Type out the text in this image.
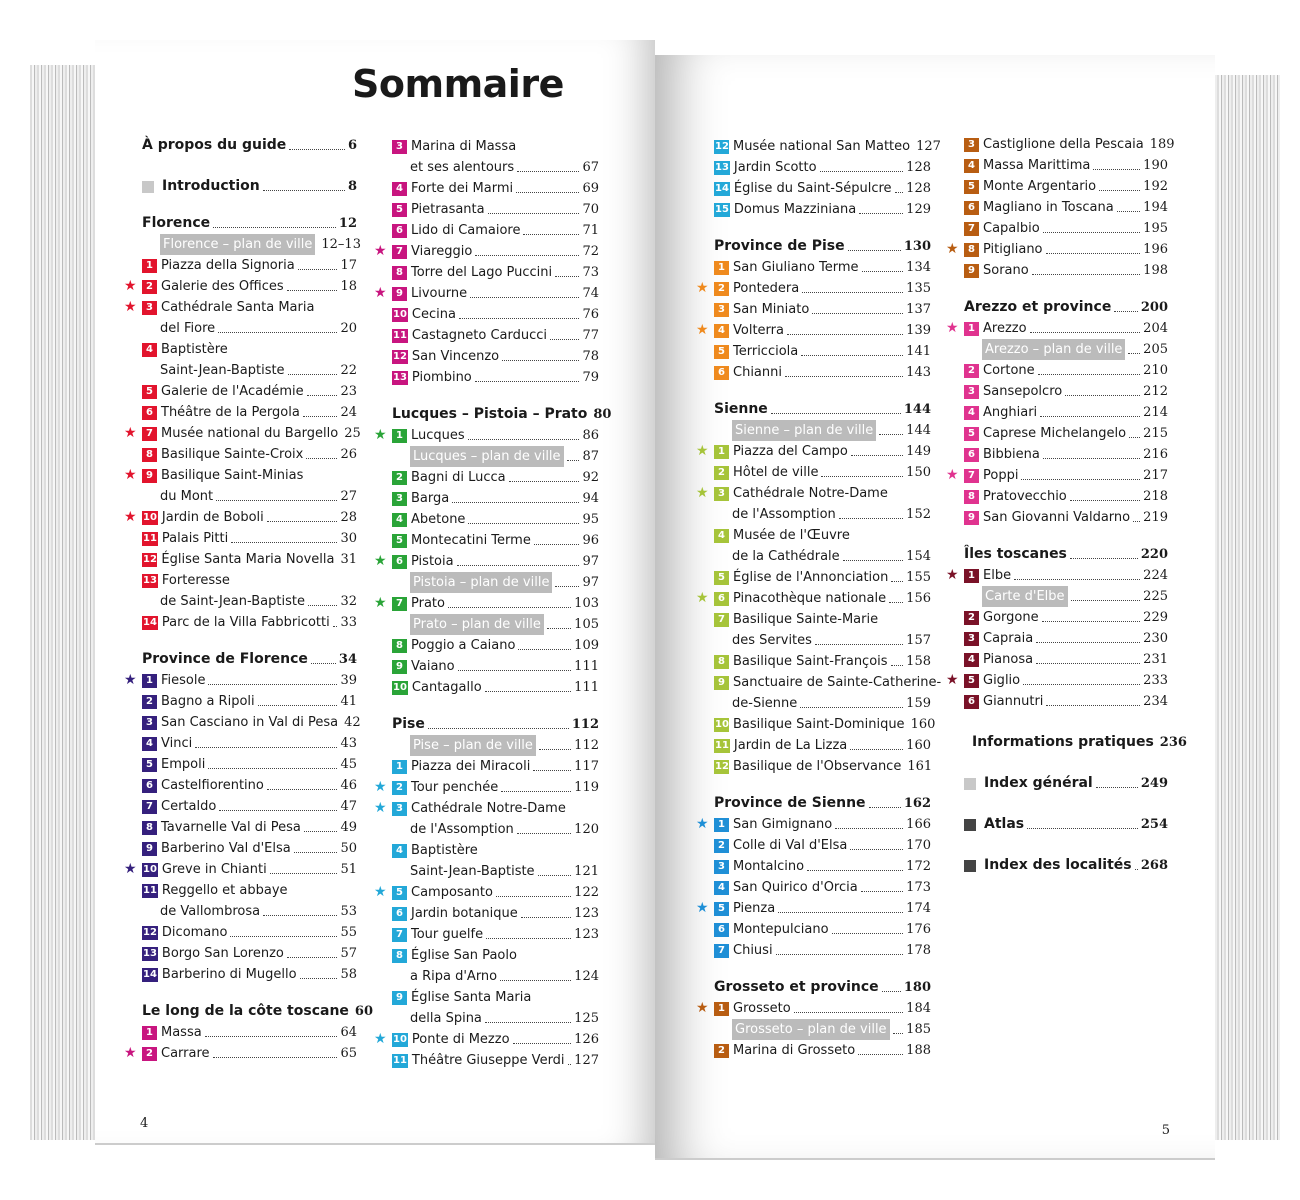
Sommaire
4	5
À propos du guide	6
Introduction	8
Florence	12
Florence – plan de ville 12–13
1 Piazza della Signoria	17
★ 2 Galerie des Offices	18
★ 3 Cathédrale Santa Maria
del Fiore	20
4 Baptistère
Saint-Jean-Baptiste	22
5 Galerie de l'Académie	23
6 Théâtre de la Pergola	24
★ 7 Musée national du Bargello 25
8 Basilique Sainte-Croix	26
★ 9 Basilique Saint-Minias
du Mont	27
★ 10 Jardin de Boboli	28
11 Palais Pitti	30
12 Église Santa Maria Novella 31
13 Forteresse
de Saint-Jean-Baptiste	32
14 Parc de la Villa Fabbricotti 33
Province de Florence 34
★ 1 Fiesole	39
2 Bagno a Ripoli	41
3 San Casciano in Val di Pesa 42
4 Vinci	43
5 Empoli	45
6 Castelfiorentino	46
7 Certaldo	47
8 Tavarnelle Val di Pesa	49
9 Barberino Val d'Elsa	50
★ 10 Greve in Chianti	51
11 Reggello et abbaye
de Vallombrosa	53
12 Dicomano	55
13 Borgo San Lorenzo	57
14 Barberino di Mugello	58
Le long de la côte toscane 60
1 Massa	64
★ 2 Carrare	65
3 Marina di Massa
et ses alentours	67
4 Forte dei Marmi	69
5 Pietrasanta	70
6 Lido di Camaiore	71
★ 7 Viareggio	72
8 Torre del Lago Puccini 73
★ 9 Livourne	74
10 Cecina	76
11 Castagneto Carducci	77
12 San Vincenzo	78
13 Piombino	79
Lucques – Pistoia – Prato 80
★ 1 Lucques	86
Lucques – plan de ville 87
2 Bagni di Lucca	92
3 Barga	94
4 Abetone	95
5 Montecatini Terme	96
★ 6 Pistoia	97
Pistoia – plan de ville	97
★ 7 Prato	103
Prato – plan de ville	105
8 Poggio a Caiano	109
9 Vaiano	111
10 Cantagallo	111
Pise	112
Pise – plan de ville	112
1 Piazza dei Miracoli	117
★ 2 Tour penchée	119
★ 3 Cathédrale Notre-Dame
de l'Assomption	120
4 Baptistère
Saint-Jean-Baptiste	121
★ 5 Camposanto	122
6 Jardin botanique	123
7 Tour guelfe	123
8 Église San Paolo
a Ripa d'Arno	124
9 Église Santa Maria
della Spina	125
★ 10 Ponte di Mezzo	126
11 Théâtre Giuseppe Verdi 127
12 Musée national San Matteo 127
13 Jardin Scotto	128
14 Église du Saint-Sépulcre 128
15 Domus Mazziniana	129
Province de Pise	130
1 San Giuliano Terme	134
★ 2 Pontedera	135
3 San Miniato	137
★ 4 Volterra	139
5 Terricciola	141
6 Chianni	143
Sienne	144
Sienne – plan de ville	144
★ 1 Piazza del Campo	149
2 Hôtel de ville	150
★ 3 Cathédrale Notre-Dame
de l'Assomption	152
4 Musée de l'Œuvre
de la Cathédrale	154
5 Église de l'Annonciation 155
★ 6 Pinacothèque nationale 156
7 Basilique Sainte-Marie
des Servites	157
8 Basilique Saint-François 158
9 Sanctuaire de Sainte-Catherine-
de-Sienne	159
10 Basilique Saint-Dominique 160
11 Jardin de La Lizza	160
12 Basilique de l'Observance 161
Province de Sienne	162
★ 1 San Gimignano	166
2 Colle di Val d'Elsa	170
3 Montalcino	172
4 San Quirico d'Orcia	173
★ 5 Pienza	174
6 Montepulciano	176
7 Chiusi	178
Grosseto et province 180
★ 1 Grosseto	184
Grosseto – plan de ville 185
2 Marina di Grosseto	188
3 Castiglione della Pescaia 189
4 Massa Marittima	190
5 Monte Argentario	192
6 Magliano in Toscana 194
7 Capalbio	195
★ 8 Pitigliano	196
9 Sorano	198
Arezzo et province 200
★ 1 Arezzo	204
Arezzo – plan de ville 205
2 Cortone	210
3 Sansepolcro	212
4 Anghiari	214
5 Caprese Michelangelo 215
6 Bibbiena	216
★ 7 Poppi	217
8 Pratovecchio	218
9 San Giovanni Valdarno 219
Îles toscanes	220
★ 1 Elbe	224
Carte d'Elbe	225
2 Gorgone	229
3 Capraia	230
4 Pianosa	231
★ 5 Giglio	233
6 Giannutri	234
Informations pratiques 236
Index général	249
Atlas	254
Index des localités 268
